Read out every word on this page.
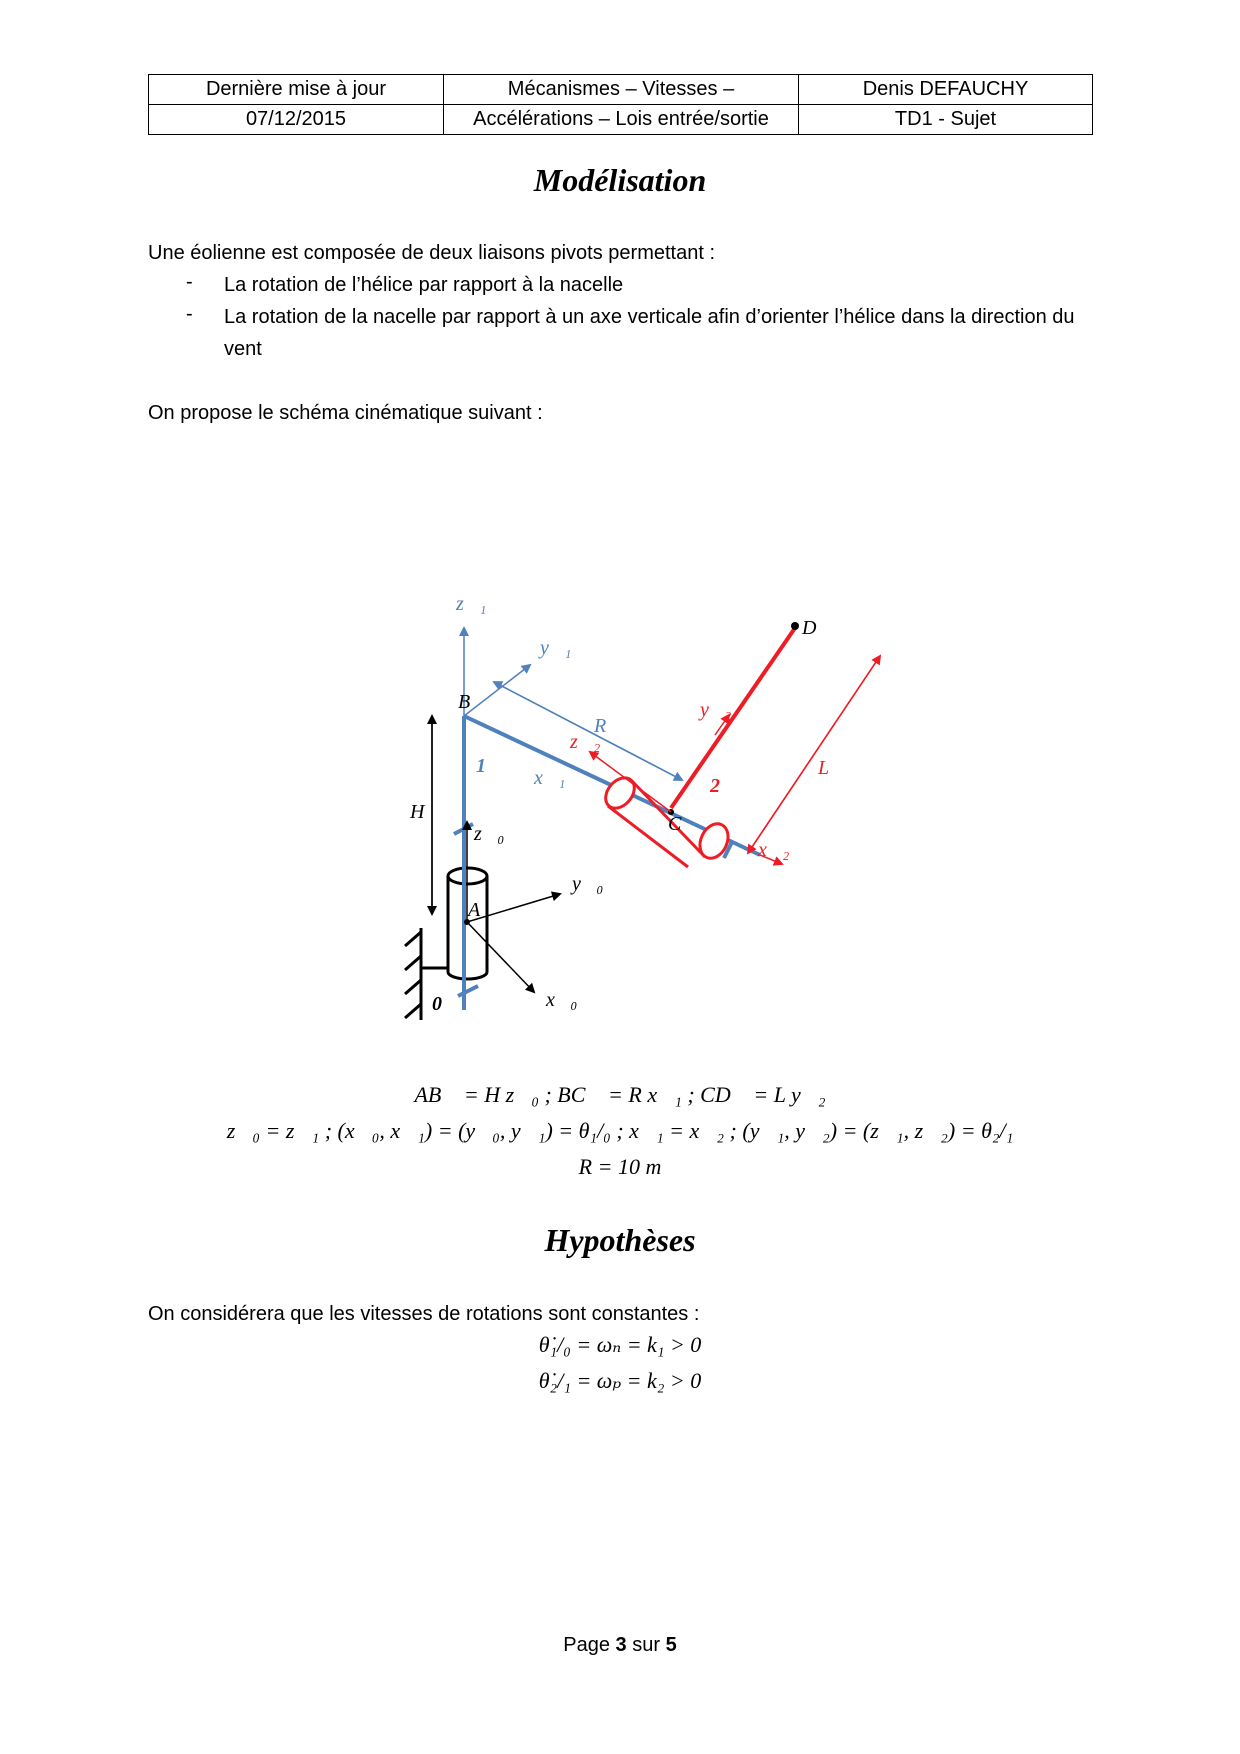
Dernière mise à jour	Mécanismes – Vitesses –	Denis DEFAUCHY
07/12/2015	Accélérations – Lois entrée/sortie	TD1 - Sujet
Modélisation
Une éolienne est composée de deux liaisons pivots permettant :
- La rotation de l’hélice par rapport à la nacelle
- La rotation de la nacelle par rapport à un axe verticale afin d’orienter l’hélice dans la direction du vent
On propose le schéma cinématique suivant :
z⃗₁
y⃗₁
B
R
x⃗₁
1
H
z⃗₀
A
y⃗₀
x⃗₀
0
D
y⃗₂
z⃗₂
2
C
L
x⃗₂
AB⃗ = H z⃗₀ ; BC⃗ = R x⃗₁ ; CD⃗ = L y⃗₂
z⃗₀ = z⃗₁ ; (x⃗₀, x⃗₁) = (y⃗₀, y⃗₁) = θ₁/₀ ; x⃗₁ = x⃗₂ ; (y⃗₁, y⃗₂) = (z⃗₁, z⃗₂) = θ₂/₁
R = 10 m
Hypothèses
On considérera que les vitesses de rotations sont constantes :
θ̇₁/₀ = ωₙ = k₁ > 0
θ̇₂/₁ = ωₚ = k₂ > 0
Page 3 sur 5
